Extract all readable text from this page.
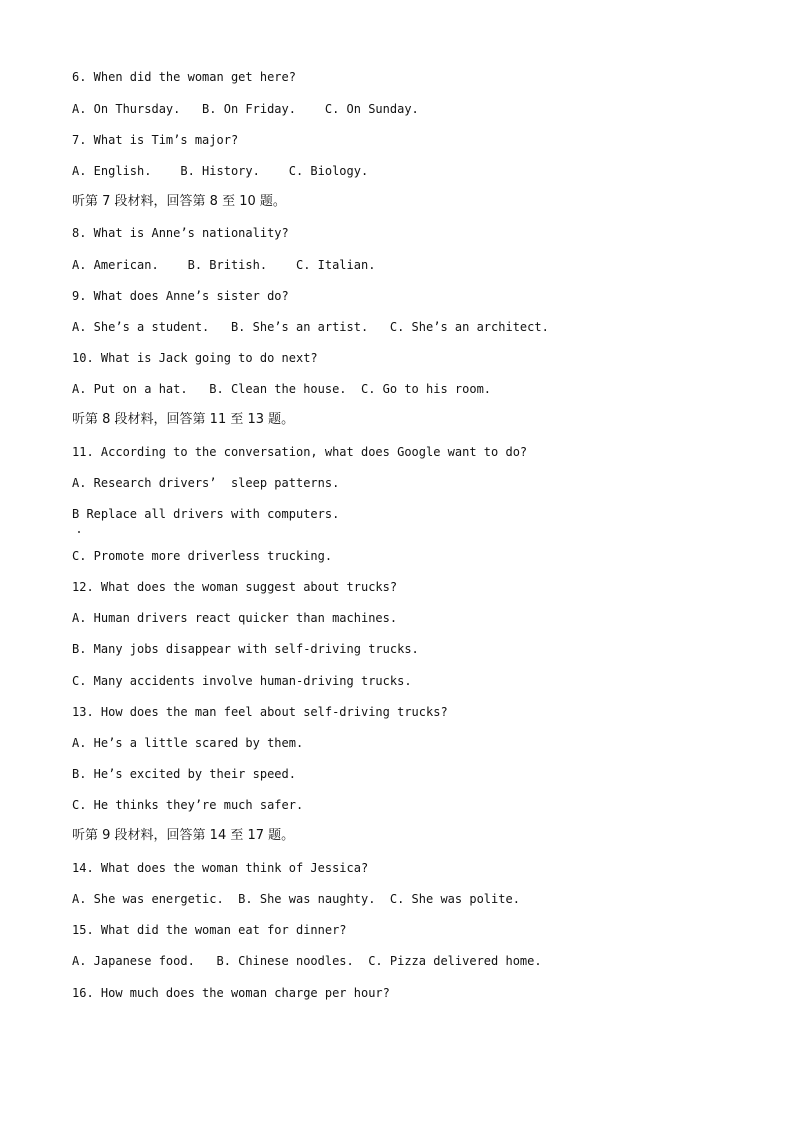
6. When did the woman get here?
A. On Thursday.   B. On Friday.    C. On Sunday.
7. What is Tim’s major?
A. English.    B. History.    C. Biology.
听第 7 段材料，回答第 8 至 10 题。
8. What is Anne’s nationality?
A. American.    B. British.    C. Italian.
9. What does Anne’s sister do?
A. She’s a student.   B. She’s an artist.   C. She’s an architect.
10. What is Jack going to do next?
A. Put on a hat.   B. Clean the house.  C. Go to his room.
听第 8 段材料，回答第 11 至 13 题。
11. According to the conversation, what does Google want to do?
A. Research drivers’  sleep patterns.
B Replace all drivers with computers.
C. Promote more driverless trucking.
12. What does the woman suggest about trucks?
A. Human drivers react quicker than machines.
B. Many jobs disappear with self-driving trucks.
C. Many accidents involve human-driving trucks.
13. How does the man feel about self-driving trucks?
A. He’s a little scared by them.
B. He’s excited by their speed.
C. He thinks they’re much safer.
听第 9 段材料，回答第 14 至 17 题。
14. What does the woman think of Jessica?
A. She was energetic.  B. She was naughty.  C. She was polite.
15. What did the woman eat for dinner?
A. Japanese food.   B. Chinese noodles.  C. Pizza delivered home.
16. How much does the woman charge per hour?
